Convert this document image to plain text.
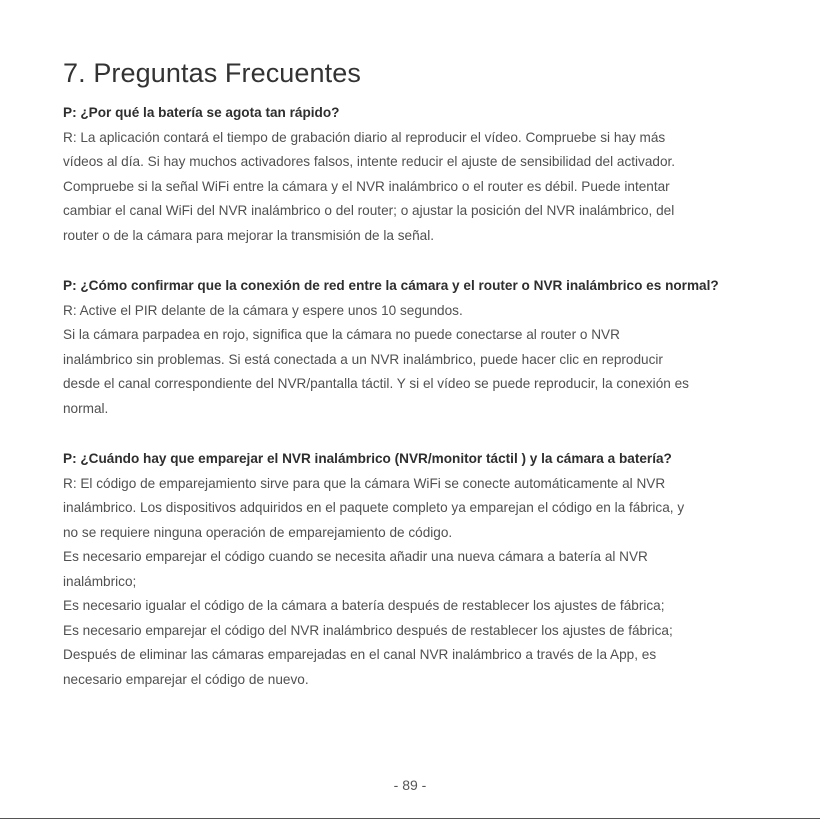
7. Preguntas Frecuentes
P: ¿Por qué la batería se agota tan rápido?
R: La aplicación contará el tiempo de grabación diario al reproducir el vídeo. Compruebe si hay más
vídeos al día. Si hay muchos activadores falsos, intente reducir el ajuste de sensibilidad del activador.
Compruebe si la señal WiFi entre la cámara y el NVR inalámbrico o el router es débil. Puede intentar
cambiar el canal WiFi del NVR inalámbrico o del router; o ajustar la posición del NVR inalámbrico, del
router o de la cámara para mejorar la transmisión de la señal.
P: ¿Cómo confirmar que la conexión de red entre la cámara y el router o NVR inalámbrico es normal?
R: Active el PIR delante de la cámara y espere unos 10 segundos.
Si la cámara parpadea en rojo, significa que la cámara no puede conectarse al router o NVR
inalámbrico sin problemas. Si está conectada a un NVR inalámbrico, puede hacer clic en reproducir
desde el canal correspondiente del NVR/pantalla táctil. Y si el vídeo se puede reproducir, la conexión es
normal.
P: ¿Cuándo hay que emparejar el NVR inalámbrico (NVR/monitor táctil ) y la cámara a batería?
R: El código de emparejamiento sirve para que la cámara WiFi se conecte automáticamente al NVR
inalámbrico. Los dispositivos adquiridos en el paquete completo ya emparejan el código en la fábrica, y
no se requiere ninguna operación de emparejamiento de código.
Es necesario emparejar el código cuando se necesita añadir una nueva cámara a batería al NVR
inalámbrico;
Es necesario igualar el código de la cámara a batería después de restablecer los ajustes de fábrica;
Es necesario emparejar el código del NVR inalámbrico después de restablecer los ajustes de fábrica;
Después de eliminar las cámaras emparejadas en el canal NVR inalámbrico a través de la App, es
necesario emparejar el código de nuevo.
- 89 -
